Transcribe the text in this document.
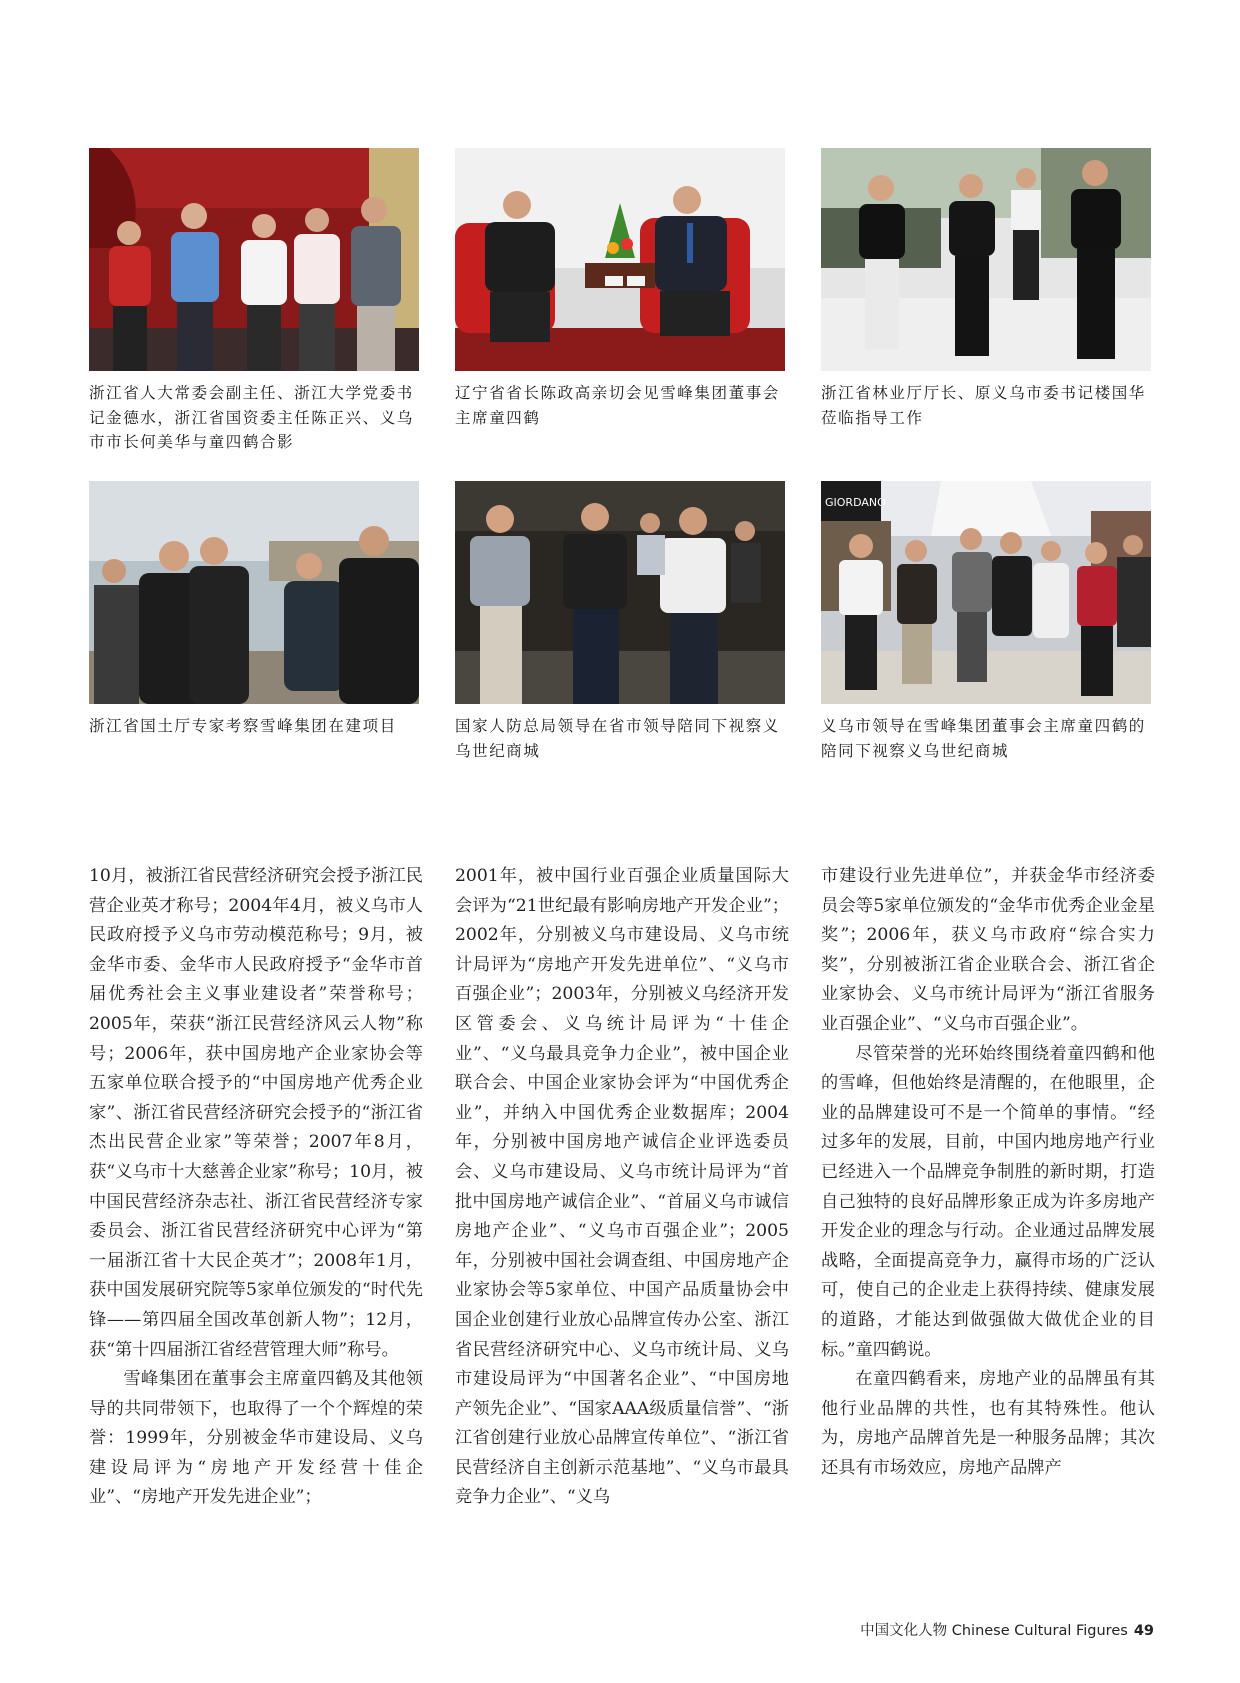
浙江省人大常委会副主任、浙江大学党委书记金德水，浙江省国资委主任陈正兴、义乌市市长何美华与童四鹤合影

辽宁省省长陈政高亲切会见雪峰集团董事会主席童四鹤

浙江省林业厅厅长、原义乌市委书记楼国华莅临指导工作

GIORDANO

浙江省国土厅专家考察雪峰集团在建项目	国家人防总局领导在省市领导陪同下视察义乌世纪商城

义乌市领导在雪峰集团董事会主席童四鹤的陪同下视察义乌世纪商城

10月，被浙江省民营经济研究会授予浙江民营企业英才称号；2004年4月，被义乌市人民政府授予义乌市劳动模范称号；9月，被金华市委、金华市人民政府授予“金华市首届优秀社会主义事业建设者”荣誉称号；2005年，荣获“浙江民营经济风云人物”称号；2006年，获中国房地产企业家协会等五家单位联合授予的“中国房地产优秀企业家”、浙江省民营经济研究会授予的“浙江省杰出民营企业家”等荣誉；2007年8月，获“义乌市十大慈善企业家”称号；10月，被中国民营经济杂志社、浙江省民营经济专家委员会、浙江省民营经济研究中心评为“第一届浙江省十大民企英才”；2008年1月，获中国发展研究院等5家单位颁发的“时代先锋——第四届全国改革创新人物”；12月，获“第十四届浙江省经营管理大师”称号。

雪峰集团在董事会主席童四鹤及其他领导的共同带领下，也取得了一个个辉煌的荣誉：1999年，分别被金华市建设局、义乌建设局评为“房地产开发经营十佳企业”、“房地产开发先进企业”；

2001年，被中国行业百强企业质量国际大会评为“21世纪最有影响房地产开发企业”；2002年，分别被义乌市建设局、义乌市统计局评为“房地产开发先进单位”、“义乌市百强企业”；2003年，分别被义乌经济开发区管委会、义乌统计局评为“十佳企业”、“义乌最具竞争力企业”，被中国企业联合会、中国企业家协会评为“中国优秀企业”，并纳入中国优秀企业数据库；2004年，分别被中国房地产诚信企业评选委员会、义乌市建设局、义乌市统计局评为“首批中国房地产诚信企业”、“首届义乌市诚信房地产企业”、“义乌市百强企业”；2005年，分别被中国社会调查组、中国房地产企业家协会等5家单位、中国产品质量协会中国企业创建行业放心品牌宣传办公室、浙江省民营经济研究中心、义乌市统计局、义乌市建设局评为“中国著名企业”、“中国房地产领先企业”、“国家AAA级质量信誉”、“浙江省创建行业放心品牌宣传单位”、“浙江省民营经济自主创新示范基地”、“义乌市最具竞争力企业”、“义乌

市建设行业先进单位”，并获金华市经济委员会等5家单位颁发的“金华市优秀企业金星奖”；2006年，获义乌市政府“综合实力奖”，分别被浙江省企业联合会、浙江省企业家协会、义乌市统计局评为“浙江省服务业百强企业”、“义乌市百强企业”。

尽管荣誉的光环始终围绕着童四鹤和他的雪峰，但他始终是清醒的，在他眼里，企业的品牌建设可不是一个简单的事情。“经过多年的发展，目前，中国内地房地产行业已经进入一个品牌竞争制胜的新时期，打造自己独特的良好品牌形象正成为许多房地产开发企业的理念与行动。企业通过品牌发展战略，全面提高竞争力，赢得市场的广泛认可，使自己的企业走上获得持续、健康发展的道路，才能达到做强做大做优企业的目标。”童四鹤说。

在童四鹤看来，房地产业的品牌虽有其他行业品牌的共性，也有其特殊性。他认为，房地产品牌首先是一种服务品牌；其次还具有市场效应，房地产品牌产

中国文化人物 Chinese Cultural Figures 49
